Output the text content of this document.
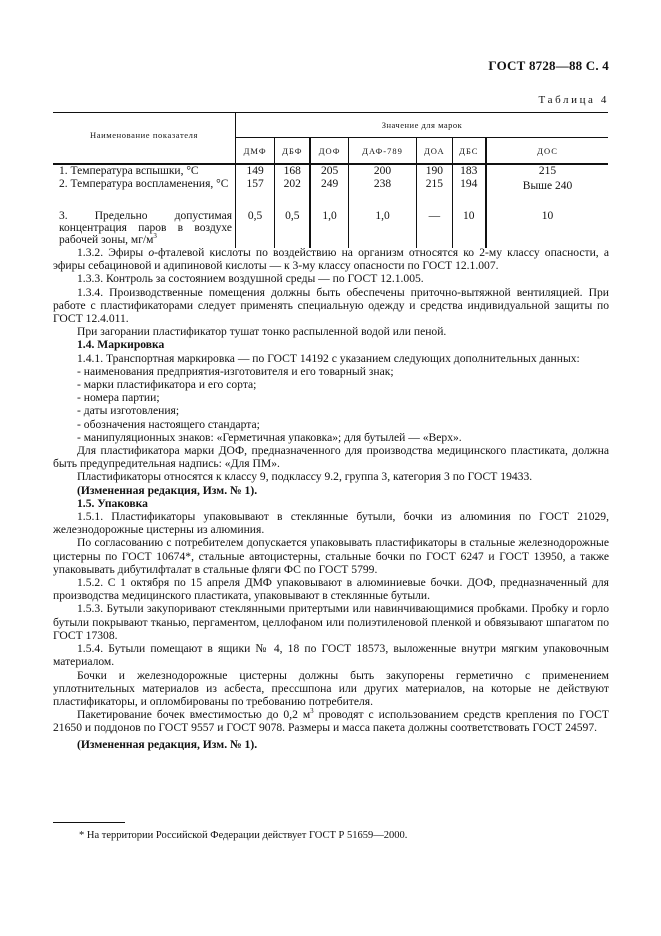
ГОСТ 8728—88 С. 4
Таблица 4
Наименование показателя	Значение для марок						
	ДМФ	ДБФ	ДОФ	ДАФ-789	ДОА	ДБС	ДОС
1. Температура вспышки, °С	149	168	205	200	190	183	215
2. Температура воспламенения, °С	157	202	249	238	215	194	Выше 240
3. Предельно допустимая концентрация паров в воздухе рабочей зоны, $мг/м^3$	0,5	0,5	1,0	1,0	—	10	10

1.3.2. Эфиры о-фталевой кислоты по воздействию на организм относятся ко 2-му классу опасности, а эфиры себациновой и адипиновой кислоты — к 3-му классу опасности по ГОСТ 12.1.007.

1.3.3. Контроль за состоянием воздушной среды — по ГОСТ 12.1.005.

1.3.4. Производственные помещения должны быть обеспечены приточно-вытяжной вентиляцией. При работе с пластификаторами следует применять специальную одежду и средства индивидуальной защиты по ГОСТ 12.4.011.

При загорании пластификатор тушат тонко распыленной водой или пеной.

1.4. Маркировка

1.4.1. Транспортная маркировка — по ГОСТ 14192 с указанием следующих дополнительных данных:

- наименования предприятия-изготовителя и его товарный знак;
- марки пластификатора и его сорта;
- номера партии;
- даты изготовления;
- обозначения настоящего стандарта;
- манипуляционных знаков: «Герметичная упаковка»; для бутылей — «Верх».

Для пластификатора марки ДОФ, предназначенного для производства медицинского пластиката, должна быть предупредительная надпись: «Для ПМ».

Пластификаторы относятся к классу 9, подклассу 9.2, группа 3, категория 3 по ГОСТ 19433.

(Измененная редакция, Изм. № 1).

1.5. Упаковка

1.5.1. Пластификаторы упаковывают в стеклянные бутыли, бочки из алюминия по ГОСТ 21029, железнодорожные цистерны из алюминия.

По согласованию с потребителем допускается упаковывать пластификаторы в стальные железнодорожные цистерны по ГОСТ 10674*, стальные автоцистерны, стальные бочки по ГОСТ 6247 и ГОСТ 13950, а также упаковывать дибутилфталат в стальные фляги ФС по ГОСТ 5799.

1.5.2. С 1 октября по 15 апреля ДМФ упаковывают в алюминиевые бочки. ДОФ, предназначенный для производства медицинского пластиката, упаковывают в стеклянные бутыли.

1.5.3. Бутыли закупоривают стеклянными притертыми или навинчивающимися пробками. Пробку и горло бутыли покрывают тканью, пергаментом, целлофаном или полиэтиленовой пленкой и обвязывают шпагатом по ГОСТ 17308.

1.5.4. Бутыли помещают в ящики № 4, 18 по ГОСТ 18573, выложенные внутри мягким упаковочным материалом.

Бочки и железнодорожные цистерны должны быть закупорены герметично с применением уплотнительных материалов из асбеста, прессшпона или других материалов, на которые не действуют пластификаторы, и опломбированы по требованию потребителя.

Пакетирование бочек вместимостью до 0,2 $м^3$ проводят с использованием средств крепления по ГОСТ 21650 и поддонов по ГОСТ 9557 и ГОСТ 9078. Размеры и масса пакета должны соответствовать ГОСТ 24597.

(Измененная редакция, Изм. № 1).

* На территории Российской Федерации действует ГОСТ Р 51659—2000.
